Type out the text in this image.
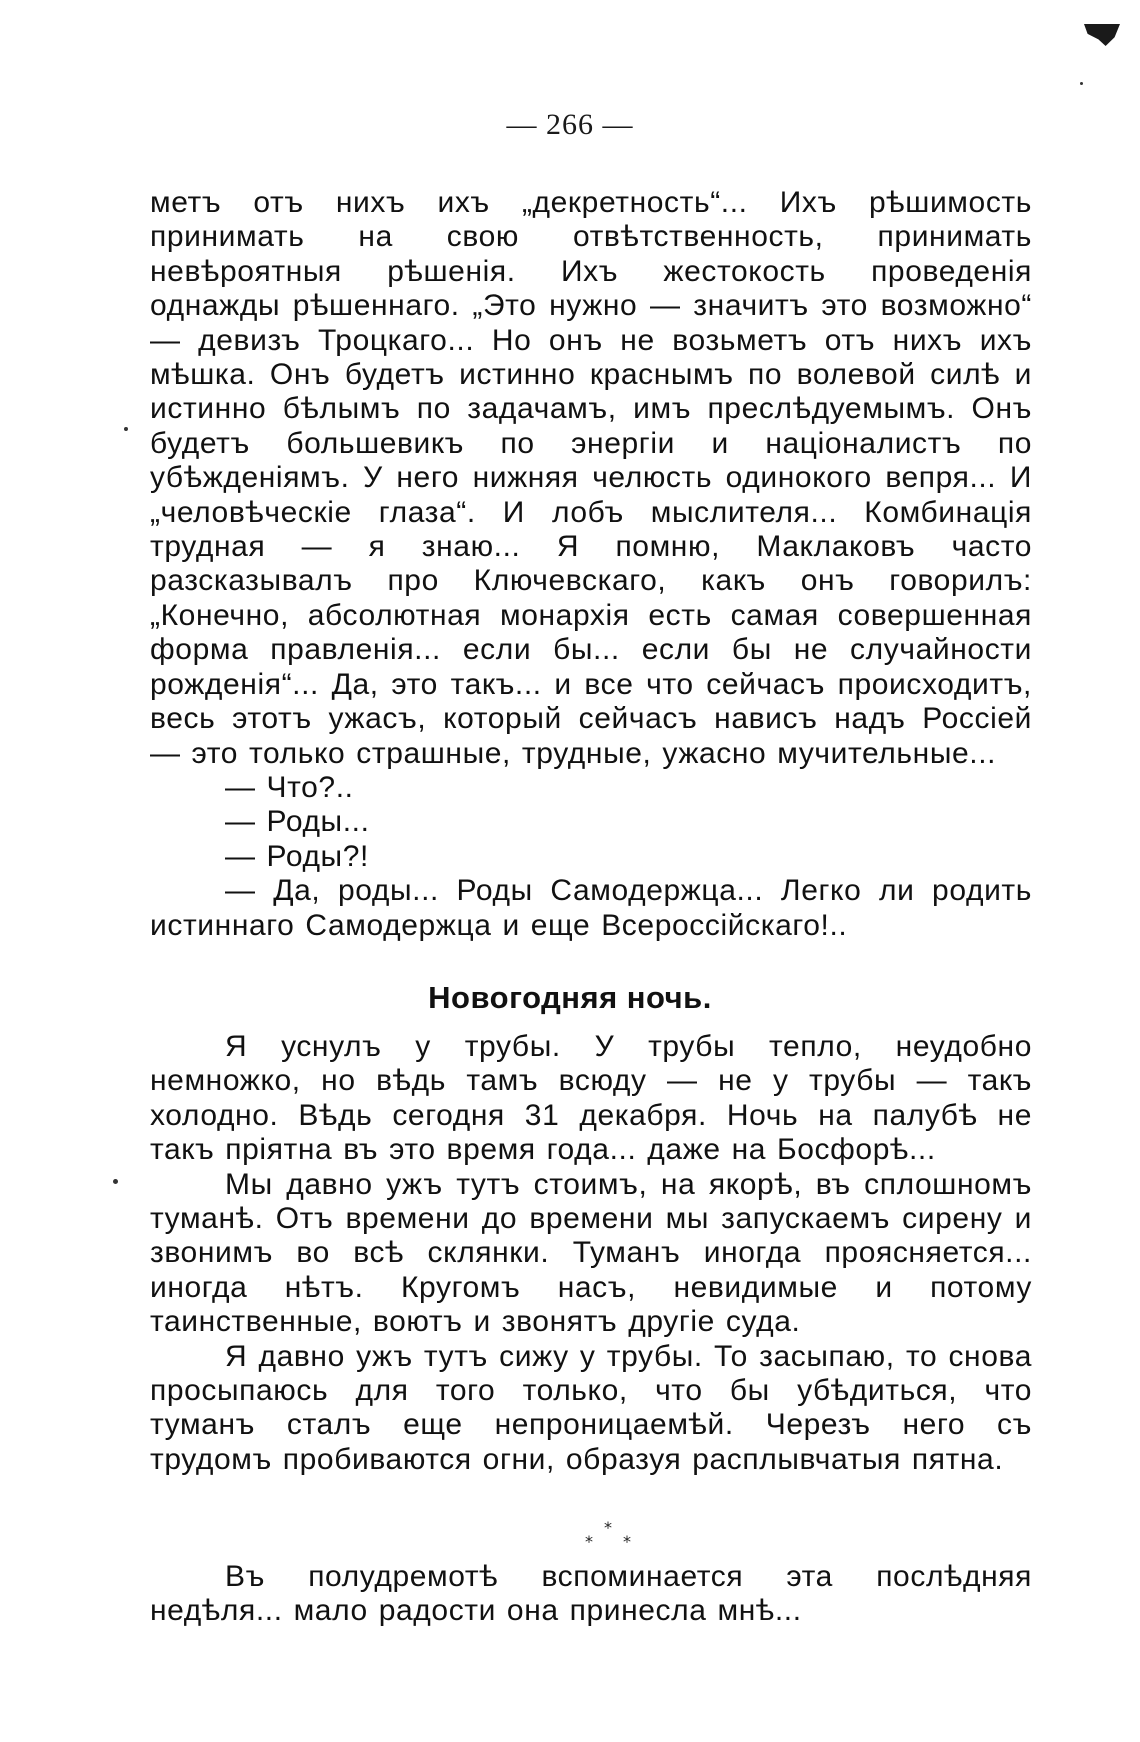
— 266 —

метъ отъ нихъ ихъ „декретность“... Ихъ рѣшимость принимать на свою отвѣтственность, принимать невѣроятныя рѣшенія. Ихъ жестокость проведенія однажды рѣшеннаго. „Это нужно — значитъ это возможно“ — девизъ Троцкаго... Но онъ не возьметъ отъ нихъ ихъ мѣшка. Онъ будетъ истинно краснымъ по волевой силѣ и истинно бѣлымъ по задачамъ, имъ преслѣдуемымъ. Онъ будетъ большевикъ по энергіи и націоналистъ по убѣжденіямъ. У него нижняя челюсть одинокого вепря... И „человѣческіе глаза“. И лобъ мыслителя... Комбинація трудная — я знаю... Я помню, Маклаковъ часто разсказывалъ про Ключевскаго, какъ онъ говорилъ: „Конечно, абсолютная монархія есть самая совершенная форма правленія... если бы... если бы не случайности рожденія“... Да, это такъ... и все что сейчасъ происходитъ, весь этотъ ужасъ, который сейчасъ нависъ надъ Россіей — это только страшные, трудные, ужасно мучительные...

— Что?..

— Роды...

— Роды?!

— Да, роды... Роды Самодержца... Легко ли родить истиннаго Самодержца и еще Всероссійскаго!..

Новогодняя ночь.

Я уснулъ у трубы. У трубы тепло, неудобно немножко, но вѣдь тамъ всюду — не у трубы — такъ холодно. Вѣдь сегодня 31 декабря. Ночь на палубѣ не такъ пріятна въ это время года... даже на Босфорѣ...

Мы давно ужъ тутъ стоимъ, на якорѣ, въ сплошномъ туманѣ. Отъ времени до времени мы запускаемъ сирену и звонимъ во всѣ склянки. Туманъ иногда проясняется... иногда нѣтъ. Кругомъ насъ, невидимые и потому таинственные, воютъ и звонятъ другіе суда.

Я давно ужъ тутъ сижу у трубы. То засыпаю, то снова просыпаюсь для того только, что бы убѣдиться, что туманъ сталъ еще непроницаемѣй. Черезъ него съ трудомъ пробиваются огни, образуя расплывчатыя пятна.

*
* *

Въ полудремотѣ вспоминается эта послѣдняя недѣля... мало радости она принесла мнѣ...
